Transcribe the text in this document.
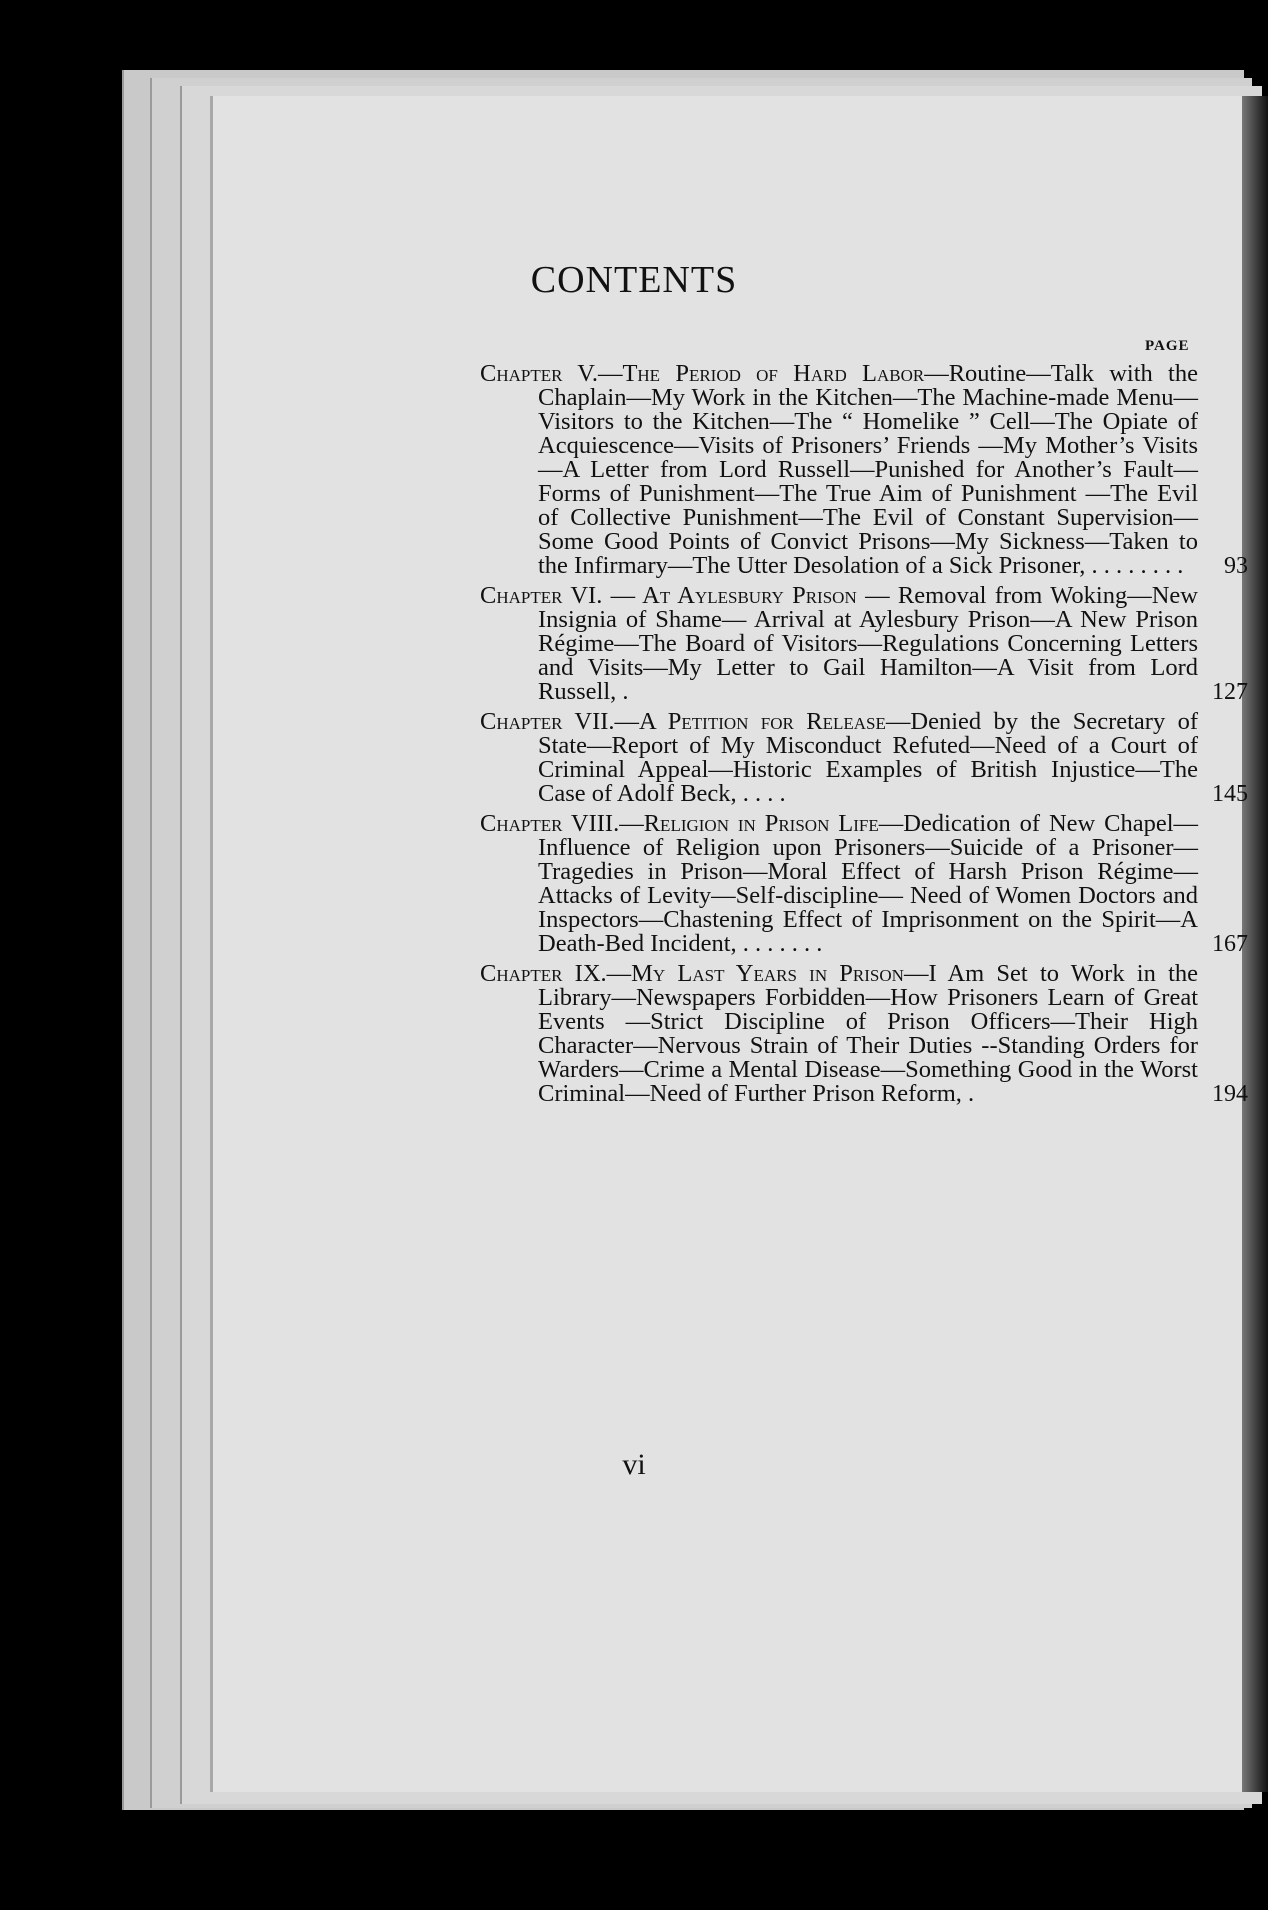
CONTENTS
PAGE
Chapter V.—The Period of Hard Labor—Routine—Talk with the Chaplain—My Work in the Kitchen—The Machine-made Menu—Visitors to the Kitchen—The “ Homelike ” Cell—The Opiate of Acquiescence—Visits of Prisoners’ Friends —My Mother’s Visits—A Letter from Lord Russell—Punished for Another’s Fault—Forms of Punishment—The True Aim of Punishment —The Evil of Collective Punishment—The Evil of Constant Supervision—Some Good Points of Convict Prisons—My Sickness—Taken to the Infirmary—The Utter Desolation of a Sick Prisoner, . . . . . . . . 93
Chapter VI. — At Aylesbury Prison — Removal from Woking—New Insignia of Shame— Arrival at Aylesbury Prison—A New Prison Régime—The Board of Visitors—Regulations Concerning Letters and Visits—My Letter to Gail Hamilton—A Visit from Lord Russell, .	127
Chapter VII.—A Petition for Release—Denied by the Secretary of State—Report of My Misconduct Refuted—Need of a Court of Criminal Appeal—Historic Examples of British Injustice—The Case of Adolf Beck, . . . .	145
Chapter VIII.—Religion in Prison Life—Dedication of New Chapel—Influence of Religion upon Prisoners—Suicide of a Prisoner—Tragedies in Prison—Moral Effect of Harsh Prison Régime—Attacks of Levity—Self-discipline— Need of Women Doctors and Inspectors—Chastening Effect of Imprisonment on the Spirit—A Death-Bed Incident, . . . . . . .	167
Chapter IX.—My Last Years in Prison—I Am Set to Work in the Library—Newspapers Forbidden—How Prisoners Learn of Great Events —Strict Discipline of Prison Officers—Their High Character—Nervous Strain of Their Duties --Standing Orders for Warders—Crime a Mental Disease—Something Good in the Worst Criminal—Need of Further Prison Reform, .	194
vi
